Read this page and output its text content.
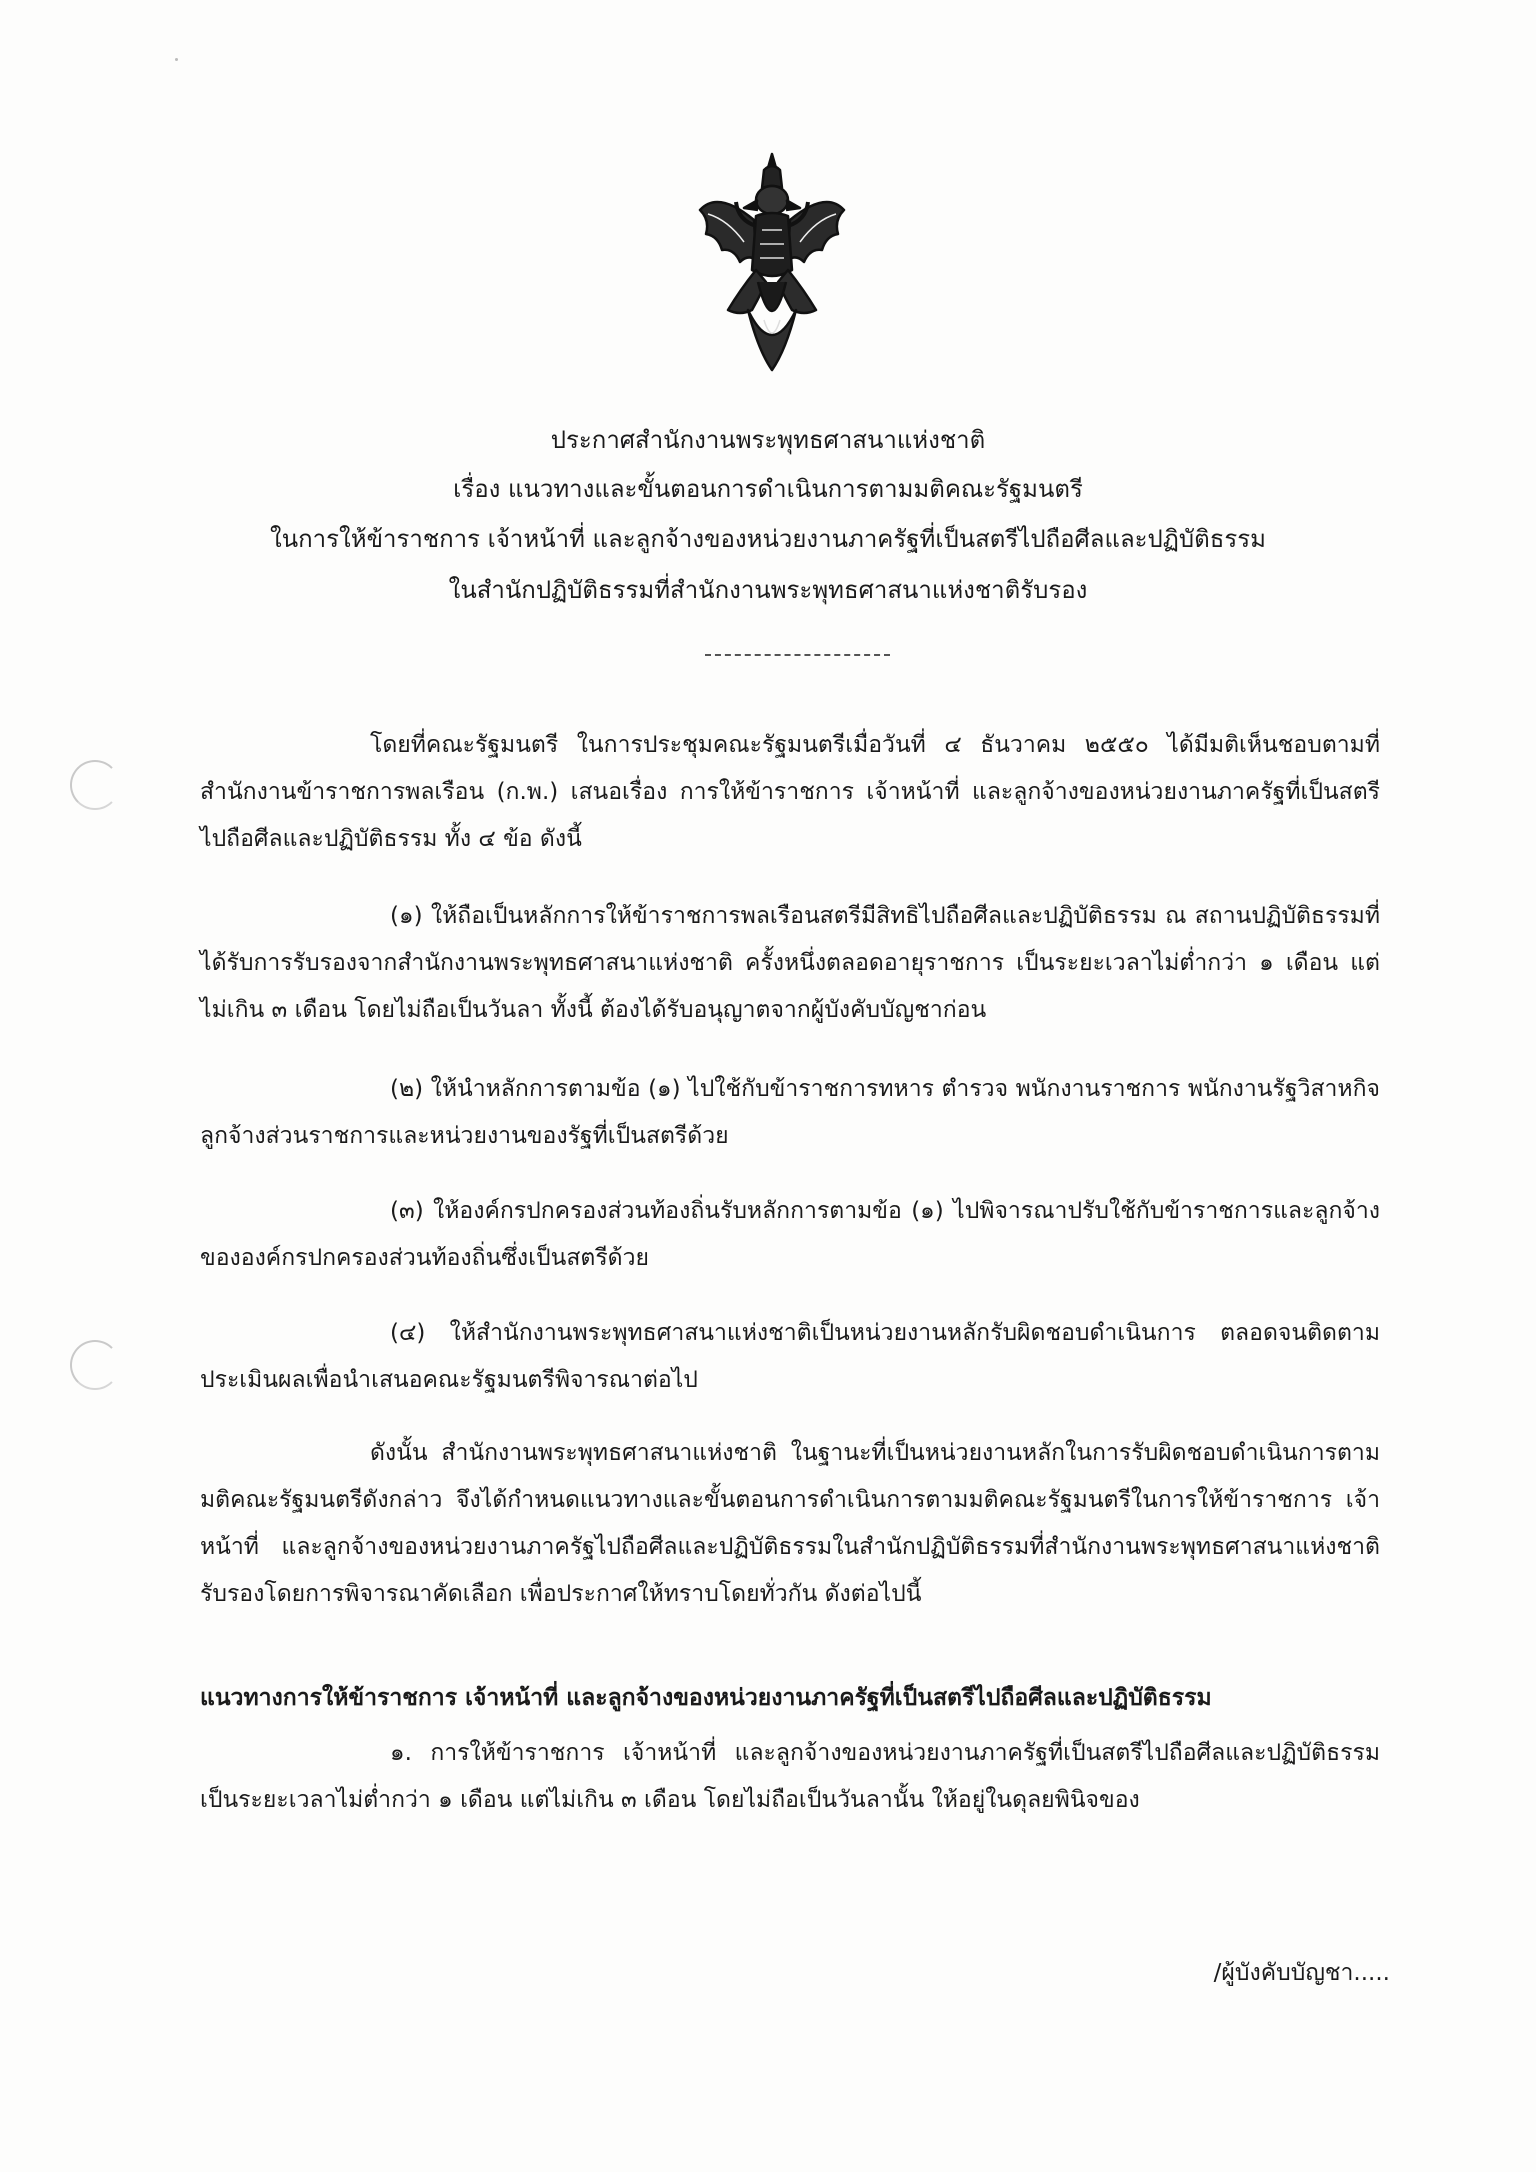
ประกาศสำนักงานพระพุทธศาสนาแห่งชาติ
เรื่อง แนวทางและขั้นตอนการดำเนินการตามมติคณะรัฐมนตรี
ในการให้ข้าราชการ เจ้าหน้าที่ และลูกจ้างของหน่วยงานภาครัฐที่เป็นสตรีไปถือศีลและปฏิบัติธรรม
ในสำนักปฏิบัติธรรมที่สำนักงานพระพุทธศาสนาแห่งชาติรับรอง
โดยที่คณะรัฐมนตรี ในการประชุมคณะรัฐมนตรีเมื่อวันที่ ๔ ธันวาคม ๒๕๕๐ ได้มีมติเห็นชอบตามที่สำนักงานข้าราชการพลเรือน (ก.พ.) เสนอเรื่อง การให้ข้าราชการ เจ้าหน้าที่ และลูกจ้างของหน่วยงานภาครัฐที่เป็นสตรีไปถือศีลและปฏิบัติธรรม ทั้ง ๔ ข้อ ดังนี้
(๑) ให้ถือเป็นหลักการให้ข้าราชการพลเรือนสตรีมีสิทธิไปถือศีลและปฏิบัติธรรม ณ สถานปฏิบัติธรรมที่ได้รับการรับรองจากสำนักงานพระพุทธศาสนาแห่งชาติ ครั้งหนึ่งตลอดอายุราชการ เป็นระยะเวลาไม่ต่ำกว่า ๑ เดือน แต่ไม่เกิน ๓ เดือน โดยไม่ถือเป็นวันลา ทั้งนี้ ต้องได้รับอนุญาตจากผู้บังคับบัญชาก่อน
(๒) ให้นำหลักการตามข้อ (๑) ไปใช้กับข้าราชการทหาร ตำรวจ พนักงานราชการ พนักงานรัฐวิสาหกิจ ลูกจ้างส่วนราชการและหน่วยงานของรัฐที่เป็นสตรีด้วย
(๓) ให้องค์กรปกครองส่วนท้องถิ่นรับหลักการตามข้อ (๑) ไปพิจารณาปรับใช้กับข้าราชการและลูกจ้างขององค์กรปกครองส่วนท้องถิ่นซึ่งเป็นสตรีด้วย
(๔) ให้สำนักงานพระพุทธศาสนาแห่งชาติเป็นหน่วยงานหลักรับผิดชอบดำเนินการ ตลอดจนติดตามประเมินผลเพื่อนำเสนอคณะรัฐมนตรีพิจารณาต่อไป
ดังนั้น สำนักงานพระพุทธศาสนาแห่งชาติ ในฐานะที่เป็นหน่วยงานหลักในการรับผิดชอบดำเนินการตามมติคณะรัฐมนตรีดังกล่าว จึงได้กำหนดแนวทางและขั้นตอนการดำเนินการตามมติคณะรัฐมนตรีในการให้ข้าราชการ เจ้าหน้าที่ และลูกจ้างของหน่วยงานภาครัฐไปถือศีลและปฏิบัติธรรมในสำนักปฏิบัติธรรมที่สำนักงานพระพุทธศาสนาแห่งชาติรับรองโดยการพิจารณาคัดเลือก เพื่อประกาศให้ทราบโดยทั่วกัน ดังต่อไปนี้
แนวทางการให้ข้าราชการ เจ้าหน้าที่ และลูกจ้างของหน่วยงานภาครัฐที่เป็นสตรีไปถือศีลและปฏิบัติธรรม
๑. การให้ข้าราชการ เจ้าหน้าที่ และลูกจ้างของหน่วยงานภาครัฐที่เป็นสตรีไปถือศีลและปฏิบัติธรรม เป็นระยะเวลาไม่ต่ำกว่า ๑ เดือน แต่ไม่เกิน ๓ เดือน โดยไม่ถือเป็นวันลานั้น ให้อยู่ในดุลยพินิจของ
/ผู้บังคับบัญชา.....
